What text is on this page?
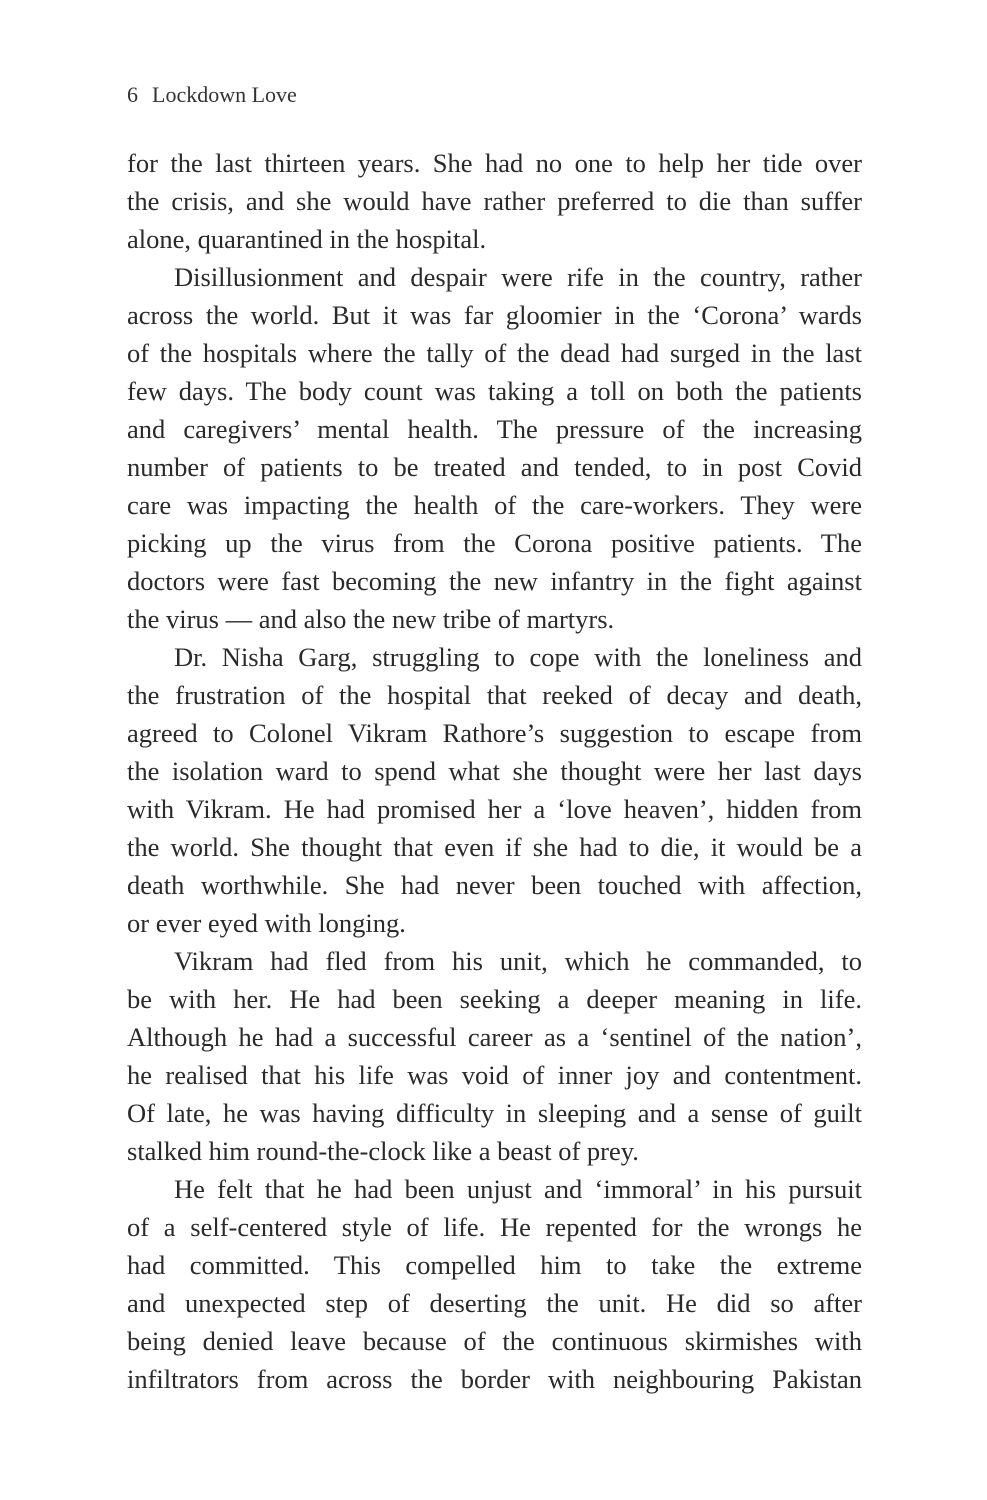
6 Lockdown Love
for the last thirteen years. She had no one to help her tide over
the crisis, and she would have rather preferred to die than suffer
alone, quarantined in the hospital.
Disillusionment and despair were rife in the country, rather
across the world. But it was far gloomier in the ‘Corona’ wards
of the hospitals where the tally of the dead had surged in the last
few days. The body count was taking a toll on both the patients
and caregivers’ mental health. The pressure of the increasing
number of patients to be treated and tended, to in post Covid
care was impacting the health of the care-workers. They were
picking up the virus from the Corona positive patients. The
doctors were fast becoming the new infantry in the fight against
the virus — and also the new tribe of martyrs.
Dr. Nisha Garg, struggling to cope with the loneliness and
the frustration of the hospital that reeked of decay and death,
agreed to Colonel Vikram Rathore’s suggestion to escape from
the isolation ward to spend what she thought were her last days
with Vikram. He had promised her a ‘love heaven’, hidden from
the world. She thought that even if she had to die, it would be a
death worthwhile. She had never been touched with affection,
or ever eyed with longing.
Vikram had fled from his unit, which he commanded, to
be with her. He had been seeking a deeper meaning in life.
Although he had a successful career as a ‘sentinel of the nation’,
he realised that his life was void of inner joy and contentment.
Of late, he was having difficulty in sleeping and a sense of guilt
stalked him round-the-clock like a beast of prey.
He felt that he had been unjust and ‘immoral’ in his pursuit
of a self-centered style of life. He repented for the wrongs he
had committed. This compelled him to take the extreme
and unexpected step of deserting the unit. He did so after
being denied leave because of the continuous skirmishes with
infiltrators from across the border with neighbouring Pakistan
